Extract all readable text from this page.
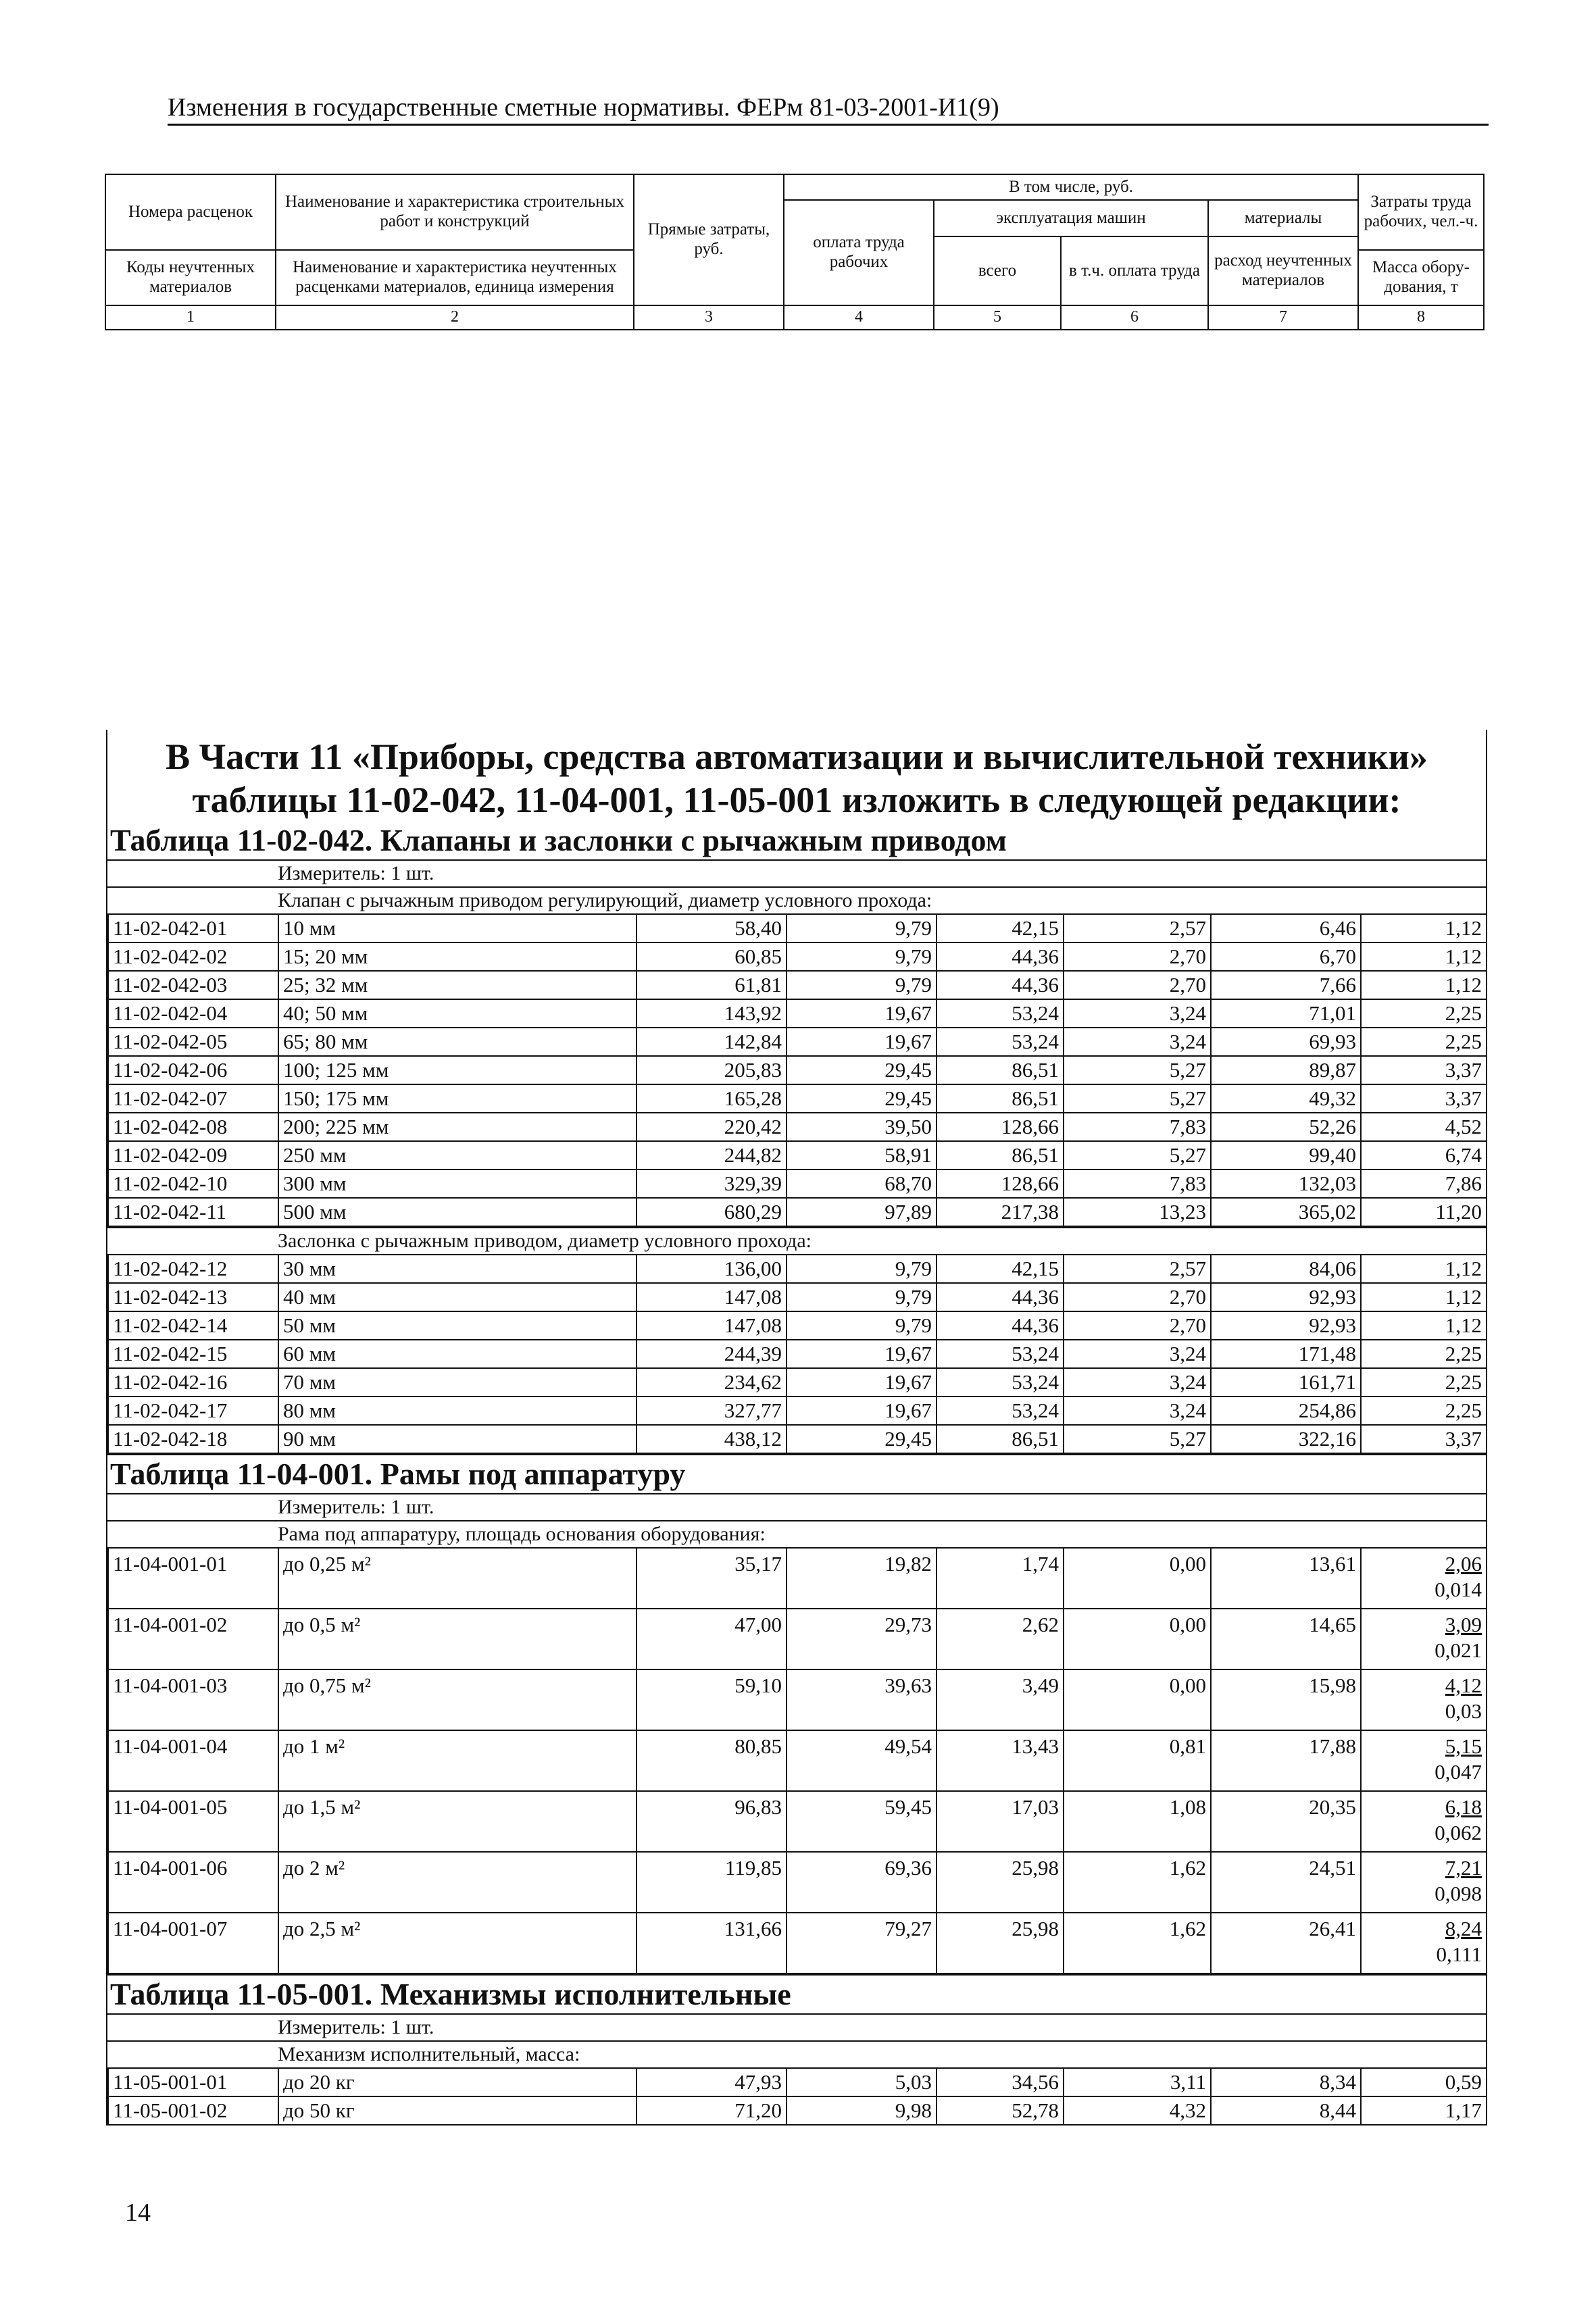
Изменения в государственные сметные нормативы. ФЕРм 81-03-2001-И1(9)
Номера расценок	Наименование и характеристика строительных работ и конструкций	Прямые затраты, руб.	В том числе, руб.				Затраты труда рабочих, чел.-ч.
			оплата труда рабочих	эксплуатация машин		материалы	
				всего	в т.ч. оплата труда	расход неучтенных материалов	
Коды неучтенных материалов	Наименование и характеристика неучтенных расценками материалов, единица измерения						Масса обору- дования, т

1	2	3	4	5	6	7	8
В Части 11 «Приборы, средства автоматизации и вычислительной техники» таблицы 11-02-042, 11-04-001, 11-05-001 изложить в следующей редакции:
Таблица 11-02-042. Клапаны и заслонки с рычажным приводом
Измеритель: 1 шт.
Клапан с рычажным приводом регулирующий, диаметр условного прохода:
11-02-042-01	10 мм	58,40	9,79	42,15	2,57	6,46	1,12
11-02-042-02	15; 20 мм	60,85	9,79	44,36	2,70	6,70	1,12
11-02-042-03	25; 32 мм	61,81	9,79	44,36	2,70	7,66	1,12
11-02-042-04	40; 50 мм	143,92	19,67	53,24	3,24	71,01	2,25
11-02-042-05	65; 80 мм	142,84	19,67	53,24	3,24	69,93	2,25
11-02-042-06	100; 125 мм	205,83	29,45	86,51	5,27	89,87	3,37
11-02-042-07	150; 175 мм	165,28	29,45	86,51	5,27	49,32	3,37
11-02-042-08	200; 225 мм	220,42	39,50	128,66	7,83	52,26	4,52
11-02-042-09	250 мм	244,82	58,91	86,51	5,27	99,40	6,74
11-02-042-10	300 мм	329,39	68,70	128,66	7,83	132,03	7,86
11-02-042-11	500 мм	680,29	97,89	217,38	13,23	365,02	11,20
Заслонка с рычажным приводом, диаметр условного прохода:
11-02-042-12	30 мм	136,00	9,79	42,15	2,57	84,06	1,12
11-02-042-13	40 мм	147,08	9,79	44,36	2,70	92,93	1,12
11-02-042-14	50 мм	147,08	9,79	44,36	2,70	92,93	1,12
11-02-042-15	60 мм	244,39	19,67	53,24	3,24	171,48	2,25
11-02-042-16	70 мм	234,62	19,67	53,24	3,24	161,71	2,25
11-02-042-17	80 мм	327,77	19,67	53,24	3,24	254,86	2,25
11-02-042-18	90 мм	438,12	29,45	86,51	5,27	322,16	3,37
Таблица 11-04-001. Рамы под аппаратуру
Измеритель: 1 шт.
Рама под аппаратуру, площадь основания оборудования:
11-04-001-01	до 0,25 м²	35,17	19,82	1,74	0,00	13,61	2,06
0,014

11-04-001-02	до 0,5 м²	47,00	29,73	2,62	0,00	14,65	3,09
0,021

11-04-001-03	до 0,75 м²	59,10	39,63	3,49	0,00	15,98	4,12
0,03

11-04-001-04	до 1 м²	80,85	49,54	13,43	0,81	17,88	5,15
0,047

11-04-001-05	до 1,5 м²	96,83	59,45	17,03	1,08	20,35	6,18
0,062

11-04-001-06	до 2 м²	119,85	69,36	25,98	1,62	24,51	7,21
0,098

11-04-001-07	до 2,5 м²	131,66	79,27	25,98	1,62	26,41	8,24
0,111
Таблица 11-05-001. Механизмы исполнительные
Измеритель: 1 шт.
Механизм исполнительный, масса:
11-05-001-01	до 20 кг	47,93	5,03	34,56	3,11	8,34	0,59
11-05-001-02	до 50 кг	71,20	9,98	52,78	4,32	8,44	1,17
14
